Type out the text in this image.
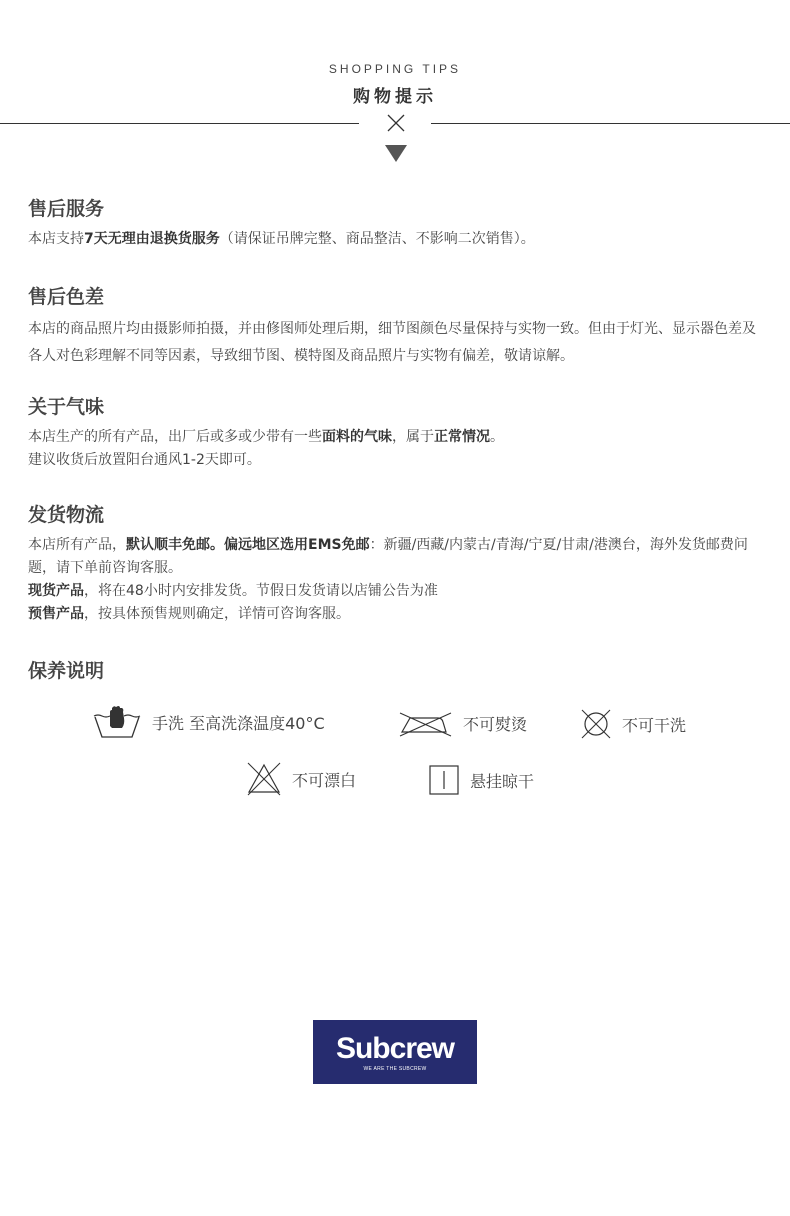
SHOPPING TIPS
购物提示
售后服务

本店支持7天无理由退换货服务（请保证吊牌完整、商品整洁、不影响二次销售）。

售后色差

本店的商品照片均由摄影师拍摄，并由修图师处理后期，细节图颜色尽量保持与实物一致。但由于灯光、显示器色差及各人对色彩理解不同等因素，导致细节图、模特图及商品照片与实物有偏差，敬请谅解。

关于气味

本店生产的所有产品，出厂后或多或少带有一些面料的气味，属于正常情况。

建议收货后放置阳台通风1-2天即可。

发货物流

本店所有产品，默认顺丰免邮。偏远地区选用EMS免邮：新疆/西藏/内蒙古/青海/宁夏/甘肃/港澳台，海外发货邮费问题，请下单前咨询客服。

现货产品，将在48小时内安排发货。节假日发货请以店铺公告为准

预售产品，按具体预售规则确定，详情可咨询客服。

保养说明
手洗 至高洗涤温度40°C	不可熨烫	不可干洗
不可漂白	悬挂晾干
Subcrew
WE ARE THE SUBCREW
